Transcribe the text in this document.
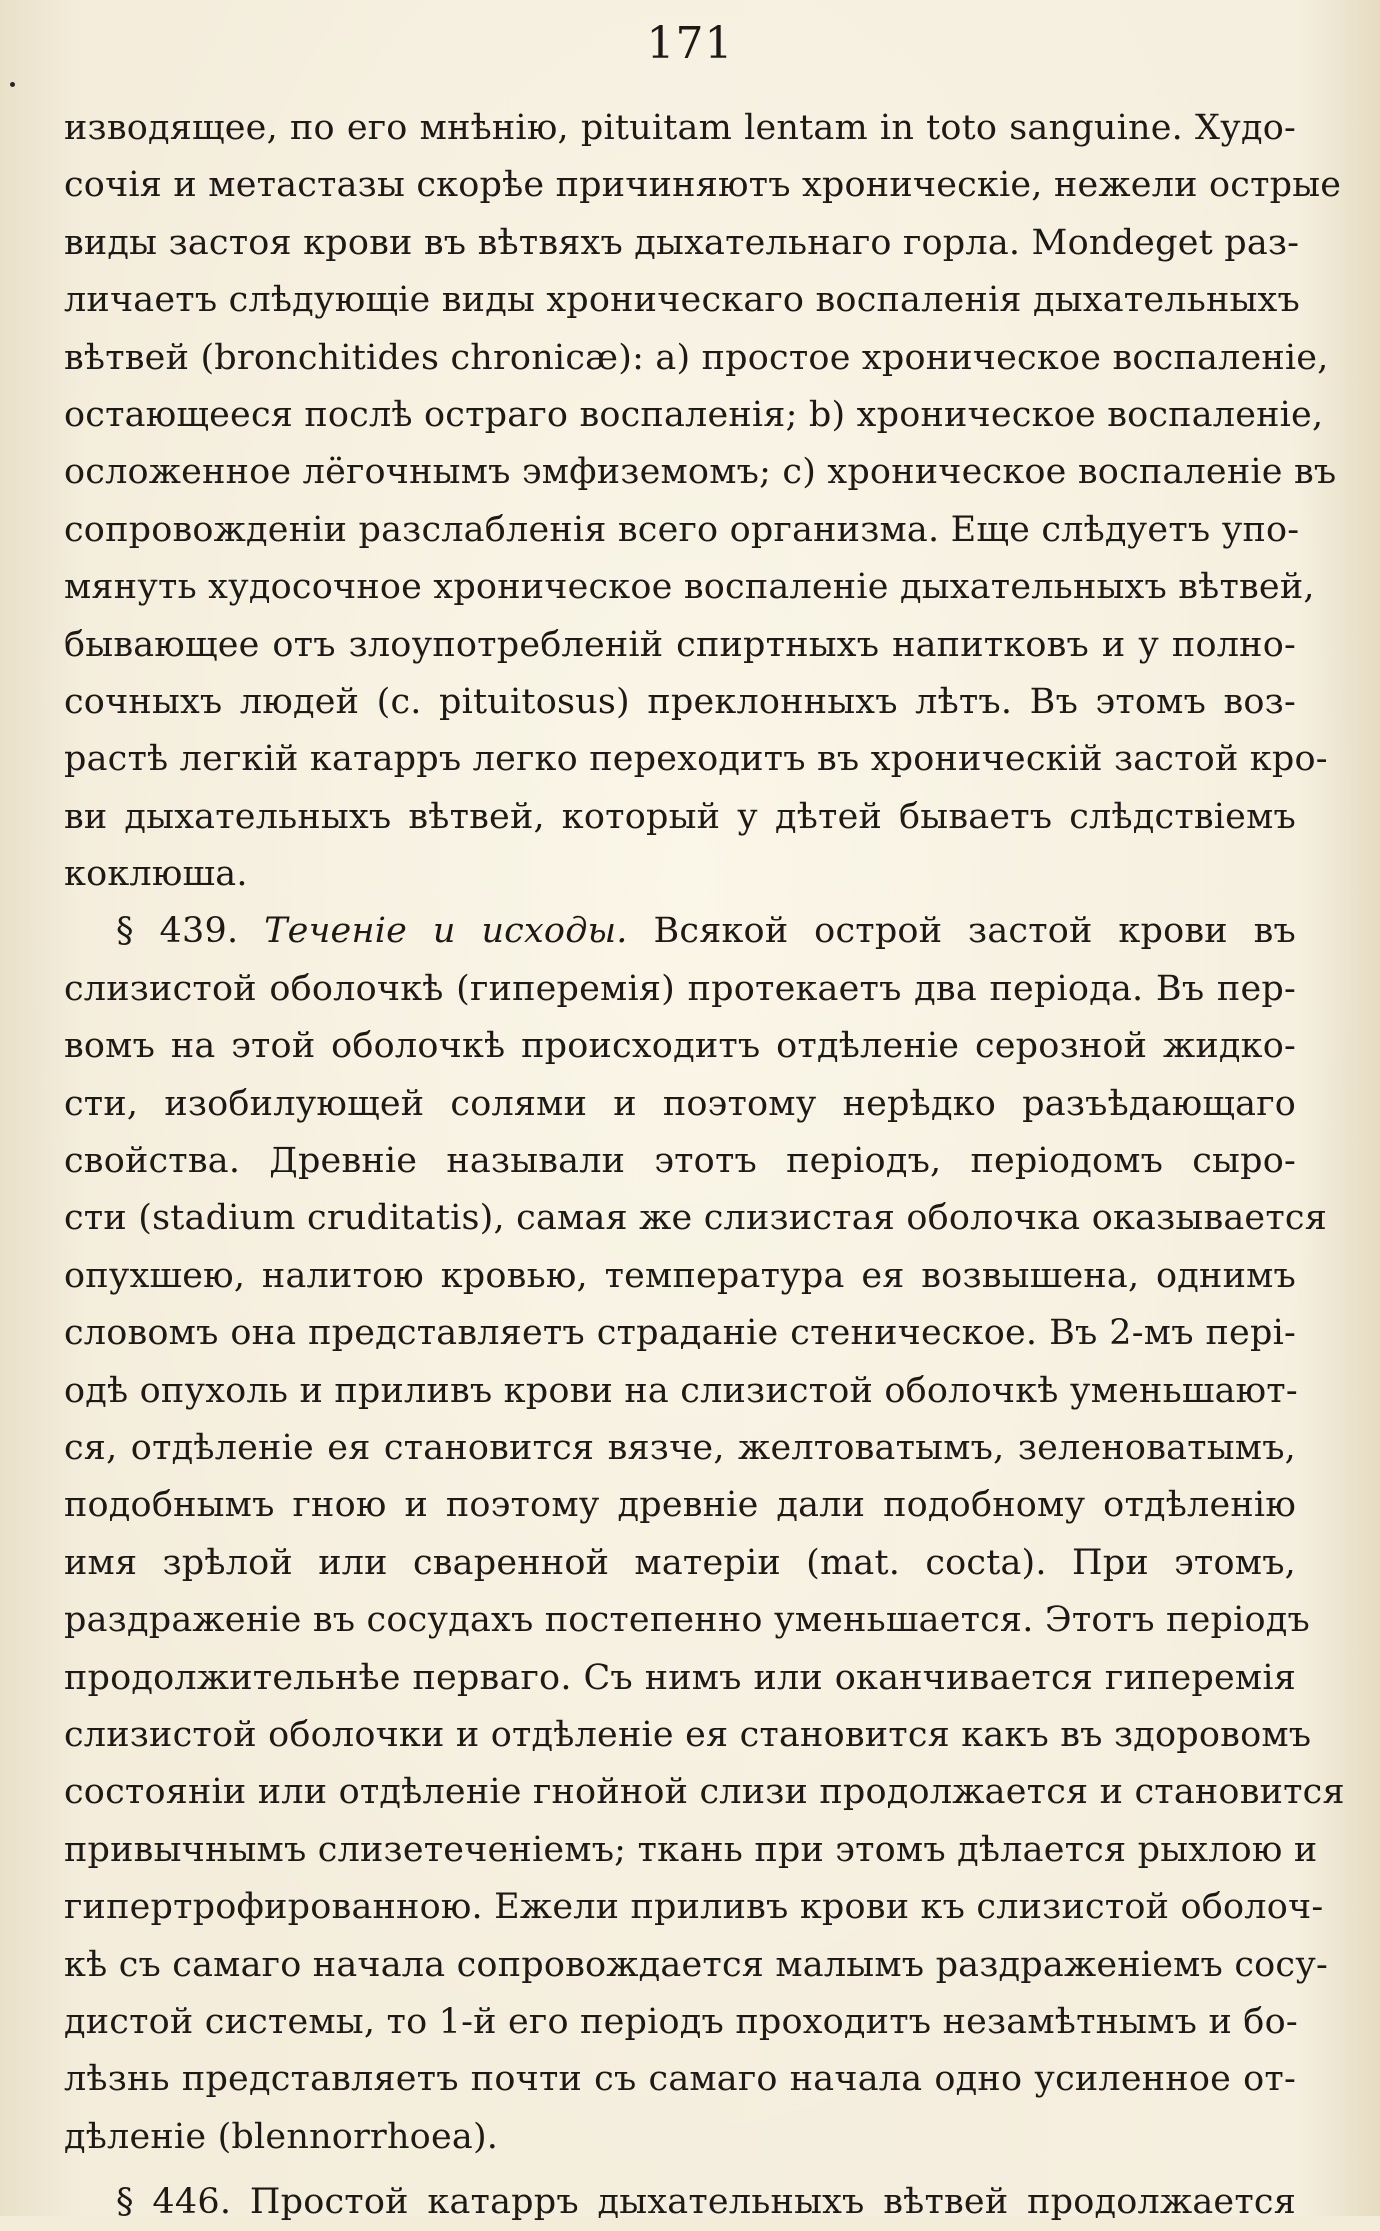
171
изводящее, по его мнѣнію, pituitam lentam in toto sanguine. Худо-
сочія и метастазы скорѣе причиняютъ хроническіе, нежели острые
виды застоя крови въ вѣтвяхъ дыхательнаго горла. Mondeget раз-
личаетъ слѣдующіе виды хроническаго воспаленія дыхательныхъ
вѣтвей (bronchitides chronicæ): a) простое хроническое воспаленіе,
остающееся послѣ остраго воспаленія; b) хроническое воспаленіе,
осложенное лёгочнымъ эмфиземомъ; c) хроническое воспаленіе въ
сопровожденіи разслабленія всего организма. Еще слѣдуетъ упо-
мянуть худосочное хроническое воспаленіе дыхательныхъ вѣтвей,
бывающее отъ злоупотребленій спиртныхъ напитковъ и у полно-
сочныхъ людей (c. pituitosus) преклонныхъ лѣтъ. Въ этомъ воз-
растѣ легкій катарръ легко переходитъ въ хроническій застой кро-
ви дыхательныхъ вѣтвей, который у дѣтей бываетъ слѣдствіемъ
коклюша.
§ 439. Теченіе и исходы. Всякой острой застой крови въ
слизистой оболочкѣ (гиперемія) протекаетъ два періода. Въ пер-
вомъ на этой оболочкѣ происходитъ отдѣленіе серозной жидко-
сти, изобилующей солями и поэтому нерѣдко разъѣдающаго
свойства. Древніе называли этотъ періодъ, періодомъ сыро-
сти (stadium cruditatis), самая же слизистая оболочка оказывается
опухшею, налитою кровью, температура ея возвышена, однимъ
словомъ она представляетъ страданіе стеническое. Въ 2-мъ пері-
одѣ опухоль и приливъ крови на слизистой оболочкѣ уменьшают-
ся, отдѣленіе ея становится вязче, желтоватымъ, зеленоватымъ,
подобнымъ гною и поэтому древніе дали подобному отдѣленію
имя зрѣлой или сваренной матеріи (mat. cocta). При этомъ,
раздраженіе въ сосудахъ постепенно уменьшается. Этотъ періодъ
продолжительнѣе перваго. Съ нимъ или оканчивается гиперемія
слизистой оболочки и отдѣленіе ея становится какъ въ здоровомъ
состояніи или отдѣленіе гнойной слизи продолжается и становится
привычнымъ слизетеченіемъ; ткань при этомъ дѣлается рыхлою и
гипертрофированною. Ежели приливъ крови къ слизистой оболоч-
кѣ съ самаго начала сопровождается малымъ раздраженіемъ сосу-
дистой системы, то 1-й его періодъ проходитъ незамѣтнымъ и бо-
лѣзнь представляетъ почти съ самаго начала одно усиленное от-
дѣленіе (blennorrhoea).
§ 446. Простой катарръ дыхательныхъ вѣтвей продолжается
